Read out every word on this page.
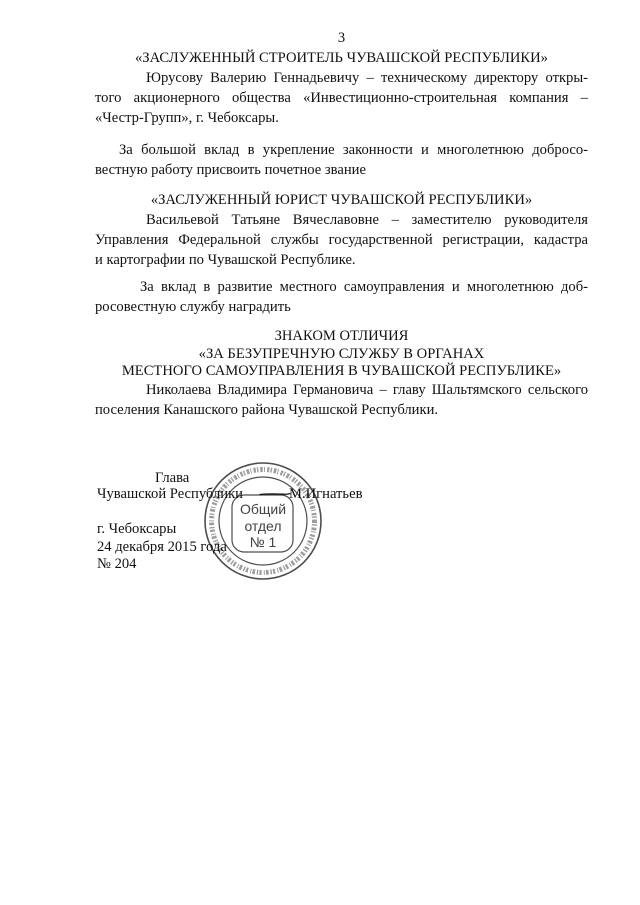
3
«ЗАСЛУЖЕННЫЙ СТРОИТЕЛЬ ЧУВАШСКОЙ РЕСПУБЛИКИ»
Юрусову Валерию Геннадьевичу – техническому директору откры-
того акционерного общества «Инвестиционно-строительная компания –
«Честр-Групп», г. Чебоксары.
За большой вклад в укрепление законности и многолетнюю добросо-
вестную работу присвоить почетное звание
«ЗАСЛУЖЕННЫЙ ЮРИСТ ЧУВАШСКОЙ РЕСПУБЛИКИ»
Васильевой Татьяне Вячеславовне – заместителю руководителя
Управления Федеральной службы государственной регистрации, кадастра
и картографии по Чувашской Республике.
За вклад в развитие местного самоуправления и многолетнюю доб-
росовестную службу наградить
ЗНАКОМ ОТЛИЧИЯ
«ЗА БЕЗУПРЕЧНУЮ СЛУЖБУ В ОРГАНАХ
МЕСТНОГО САМОУПРАВЛЕНИЯ В ЧУВАШСКОЙ РЕСПУБЛИКЕ»
Николаева Владимира Германовича – главу Шальтямского сельского
поселения Канашского района Чувашской Республики.
Глава
Чувашской Республики	М.Игнатьев
г. Чебоксары
24 декабря 2015 года
№ 204
Общий
отдел
№ 1
